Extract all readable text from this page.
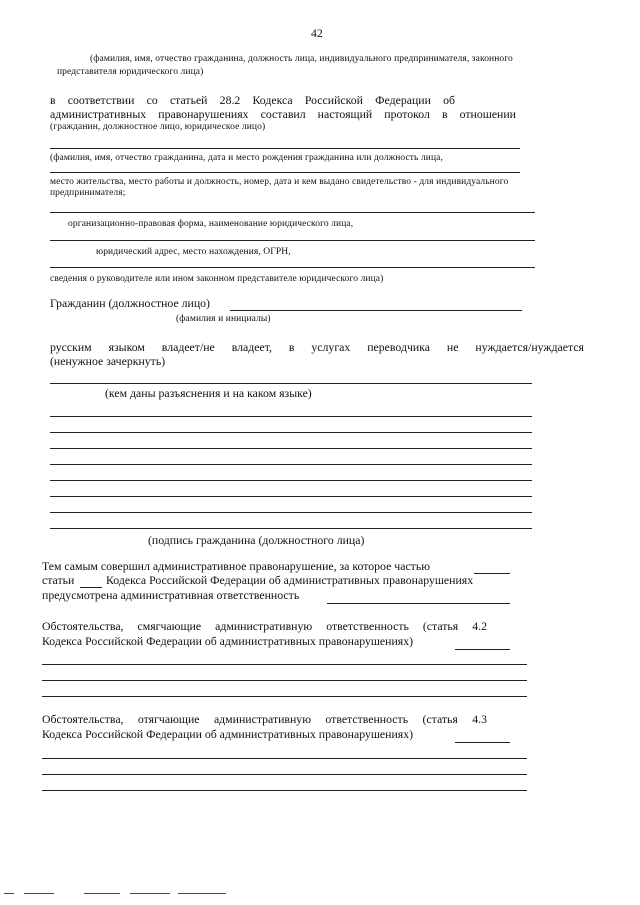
42
(фамилия, имя, отчество гражданина, должность лица, индивидуального предпринимателя, законного
представителя юридического лица)
в соответствии со статьей 28.2 Кодекса Российской Федерации об
административных правонарушениях составил настоящий протокол в отношении
(гражданин, должностное лицо, юридическое лицо)
(фамилия, имя, отчество гражданина, дата и место рождения гражданина или должность лица,
место жительства, место работы и должность, номер, дата и кем выдано свидетельство - для индивидуального
предпринимателя;
организационно-правовая форма, наименование юридического лица,
юридический адрес, место нахождения, ОГРН,
сведения о руководителе или ином законном представителе юридического лица)
Гражданин (должностное лицо)
(фамилия и инициалы)
русским языком владеет/не владеет, в услугах переводчика не нуждается/нуждается
(ненужное зачеркнуть)
(кем даны разъяснения и на каком языке)
(подпись гражданина (должностного лица)
Тем самым совершил административное правонарушение, за которое частью
статьи	Кодекса Российской Федерации об административных правонарушениях
предусмотрена административная ответственность
Обстоятельства, смягчающие административную ответственность (статья 4.2
Кодекса Российской Федерации об административных правонарушениях)
Обстоятельства, отягчающие административную ответственность (статья 4.3
Кодекса Российской Федерации об административных правонарушениях)
